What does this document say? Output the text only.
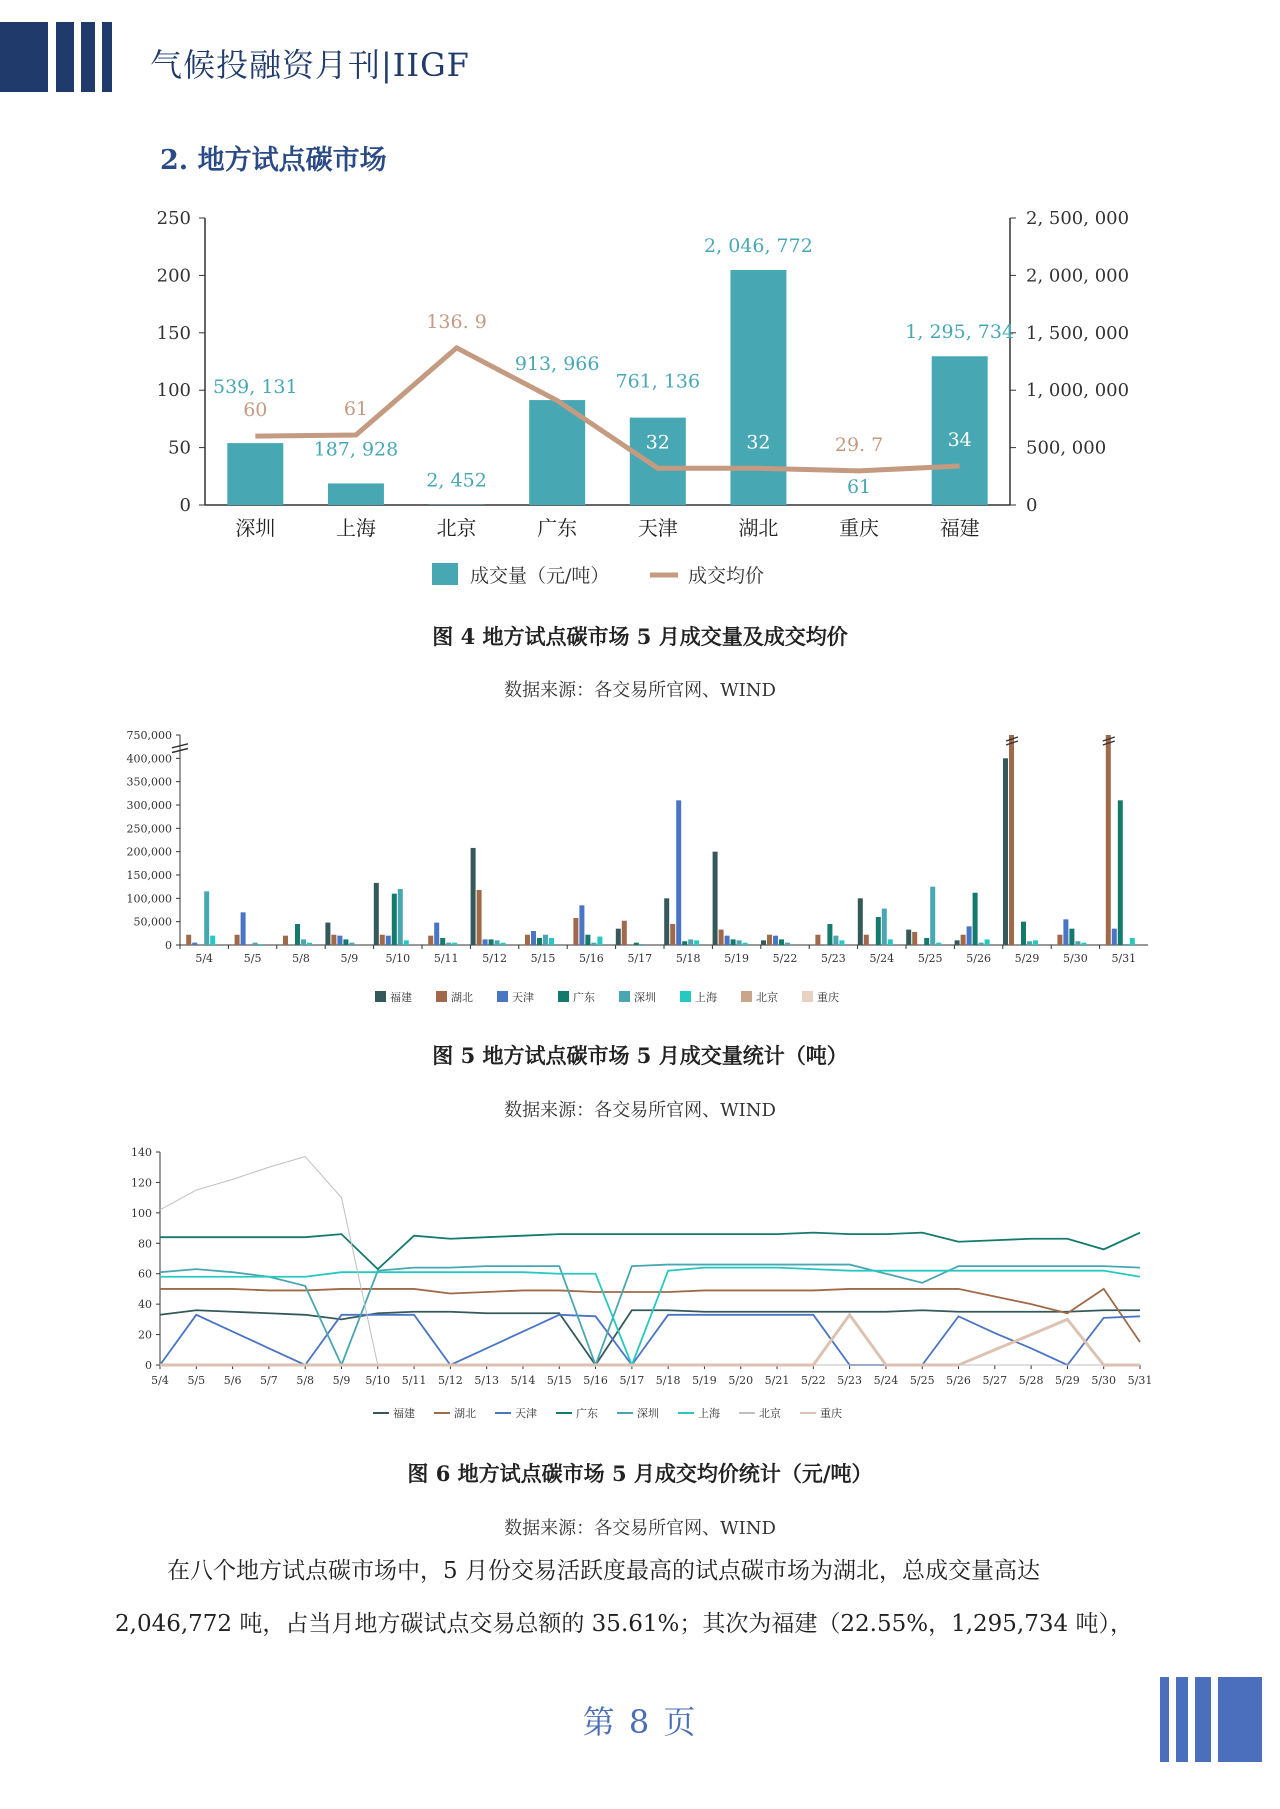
气候投融资月刊|IIGF
2. 地方试点碳市场
0
50
100
150
200
250
0
500, 000
1, 000, 000
1, 500, 000
2, 000, 000
2, 500, 000
深圳	上海	北京	广东	天津	湖北	重庆	福建
539, 131
60
187, 928
61
2, 452
136. 9
913, 966
761, 136
32
2, 046, 772
32
61
29. 7
1, 295, 734
34
成交量（元/吨）	成交均价
图 4 地方试点碳市场 5 月成交量及成交均价
数据来源：各交易所官网、WIND
0
50,000
100,000
150,000
200,000
250,000
300,000
350,000
400,000
750,000
5/4	5/5	5/8	5/9 5/10 5/11 5/12 5/15 5/16 5/17 5/18 5/19 5/22 5/23 5/24 5/25 5/26 5/29 5/30 5/31
福建	湖北	天津	广东	深圳	上海	北京	重庆
图 5 地方试点碳市场 5 月成交量统计（吨）
数据来源：各交易所官网、WIND
0
20
40
60
80
100
120
140
5/4 5/5 5/6 5/7 5/8 5/9 5/10 5/11 5/12 5/13 5/14 5/15 5/16 5/17 5/18 5/19 5/20 5/21 5/22 5/23 5/24 5/25 5/26 5/27 5/28 5/29 5/30 5/31
福建	湖北	天津	广东	深圳	上海	北京	重庆
图 6 地方试点碳市场 5 月成交均价统计（元/吨）
数据来源：各交易所官网、WIND
在八个地方试点碳市场中，5 月份交易活跃度最高的试点碳市场为湖北，总成交量高达
2,046,772 吨，占当月地方碳试点交易总额的 35.61%；其次为福建（22.55%，1,295,734 吨），
第 8 页
